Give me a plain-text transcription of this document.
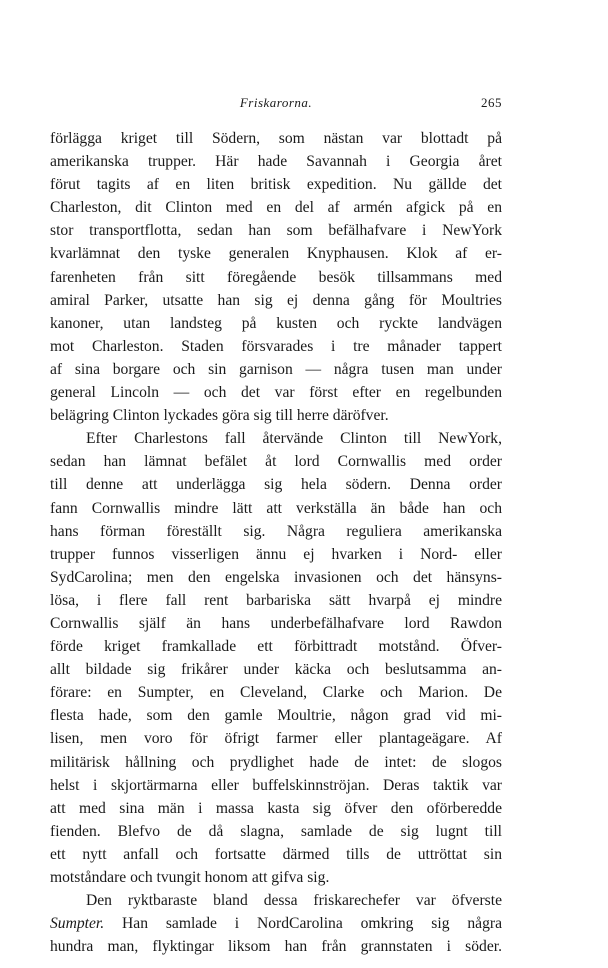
Friskarorna.	265
förlägga kriget till Södern, som nästan var blottadt på
amerikanska trupper. Här hade Savannah i Georgia året
förut tagits af en liten britisk expedition. Nu gällde det
Charleston, dit Clinton med en del af armén afgick på en
stor transportflotta, sedan han som befälhafvare i NewYork
kvarlämnat den tyske generalen Knyphausen. Klok af er-
farenheten från sitt föregående besök tillsammans med
amiral Parker, utsatte han sig ej denna gång för Moultries
kanoner, utan landsteg på kusten och ryckte landvägen
mot Charleston. Staden försvarades i tre månader tappert
af sina borgare och sin garnison — några tusen man under
general Lincoln — och det var först efter en regelbunden
belägring Clinton lyckades göra sig till herre däröfver.
Efter Charlestons fall återvände Clinton till NewYork,
sedan han lämnat befälet åt lord Cornwallis med order
till denne att underlägga sig hela södern. Denna order
fann Cornwallis mindre lätt att verkställa än både han och
hans förman föreställt sig. Några reguliera amerikanska
trupper funnos visserligen ännu ej hvarken i Nord- eller
SydCarolina; men den engelska invasionen och det hänsyns-
lösa, i flere fall rent barbariska sätt hvarpå ej mindre
Cornwallis själf än hans underbefälhafvare lord Rawdon
förde kriget framkallade ett förbittradt motstånd. Öfver-
allt bildade sig frikårer under käcka och beslutsamma an-
förare: en Sumpter, en Cleveland, Clarke och Marion. De
flesta hade, som den gamle Moultrie, någon grad vid mi-
lisen, men voro för öfrigt farmer eller plantageägare. Af
militärisk hållning och prydlighet hade de intet: de slogos
helst i skjortärmarna eller buffelskinnströjan. Deras taktik var
att med sina män i massa kasta sig öfver den oförberedde
fienden. Blefvo de då slagna, samlade de sig lugnt till
ett nytt anfall och fortsatte därmed tills de uttröttat sin
motståndare och tvungit honom att gifva sig.
Den ryktbaraste bland dessa friskarechefer var öfverste
Sumpter. Han samlade i NordCarolina omkring sig några
hundra man, flyktingar liksom han från grannstaten i söder.
